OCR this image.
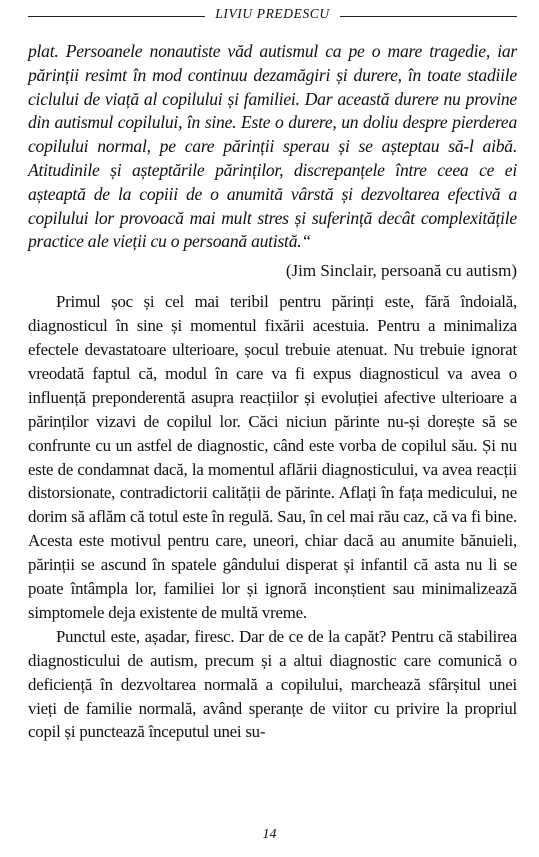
LIVIU PREDESCU

plat. Persoanele nonautiste văd autismul ca pe o mare tragedie, iar părinții resimt în mod continuu dezamăgiri și durere, în toate stadiile ciclului de viață al copilului și familiei. Dar această durere nu provine din autismul copilului, în sine. Este o durere, un doliu despre pierderea copilului normal, pe care părinții sperau și se așteptau să-l aibă. Atitudinile și așteptările părinților, discrepanțele între ceea ce ei așteaptă de la copiii de o anumită vârstă și dezvoltarea efectivă a copilului lor provoacă mai mult stres și suferință decât complexitățile practice ale vieții cu o persoană autistă.“

(Jim Sinclair, persoană cu autism)

Primul șoc și cel mai teribil pentru părinți este, fără îndoială, diagnosticul în sine și momentul fixării acestuia. Pentru a minimaliza efectele devastatoare ulterioare, șocul trebuie atenuat. Nu trebuie ignorat vreodată faptul că, modul în care va fi expus diagnosticul va avea o influență preponderentă asupra reacțiilor și evoluției afective ulterioare a părinților vizavi de copilul lor. Căci niciun părinte nu-și dorește să se confrunte cu un astfel de diagnostic, când este vorba de copilul său. Și nu este de condamnat dacă, la momentul aflării diagnosticului, va avea reacții distorsionate, contradictorii calității de părinte. Aflați în fața medicului, ne dorim să aflăm că totul este în regulă. Sau, în cel mai rău caz, că va fi bine. Acesta este motivul pentru care, uneori, chiar dacă au anumite bănuieli, părinții se ascund în spatele gândului disperat și infantil că asta nu li se poate întâmpla lor, familiei lor și ignoră inconștient sau minimalizează simptomele deja existente de multă vreme.

Punctul este, așadar, firesc. Dar de ce de la capăt? Pentru că stabilirea diagnosticului de autism, precum și a altui diagnostic care comunică o deficiență în dezvoltarea normală a copilului, marchează sfârșitul unei vieți de familie normală, având speranțe de viitor cu privire la propriul copil și punctează începutul unei su-

14
